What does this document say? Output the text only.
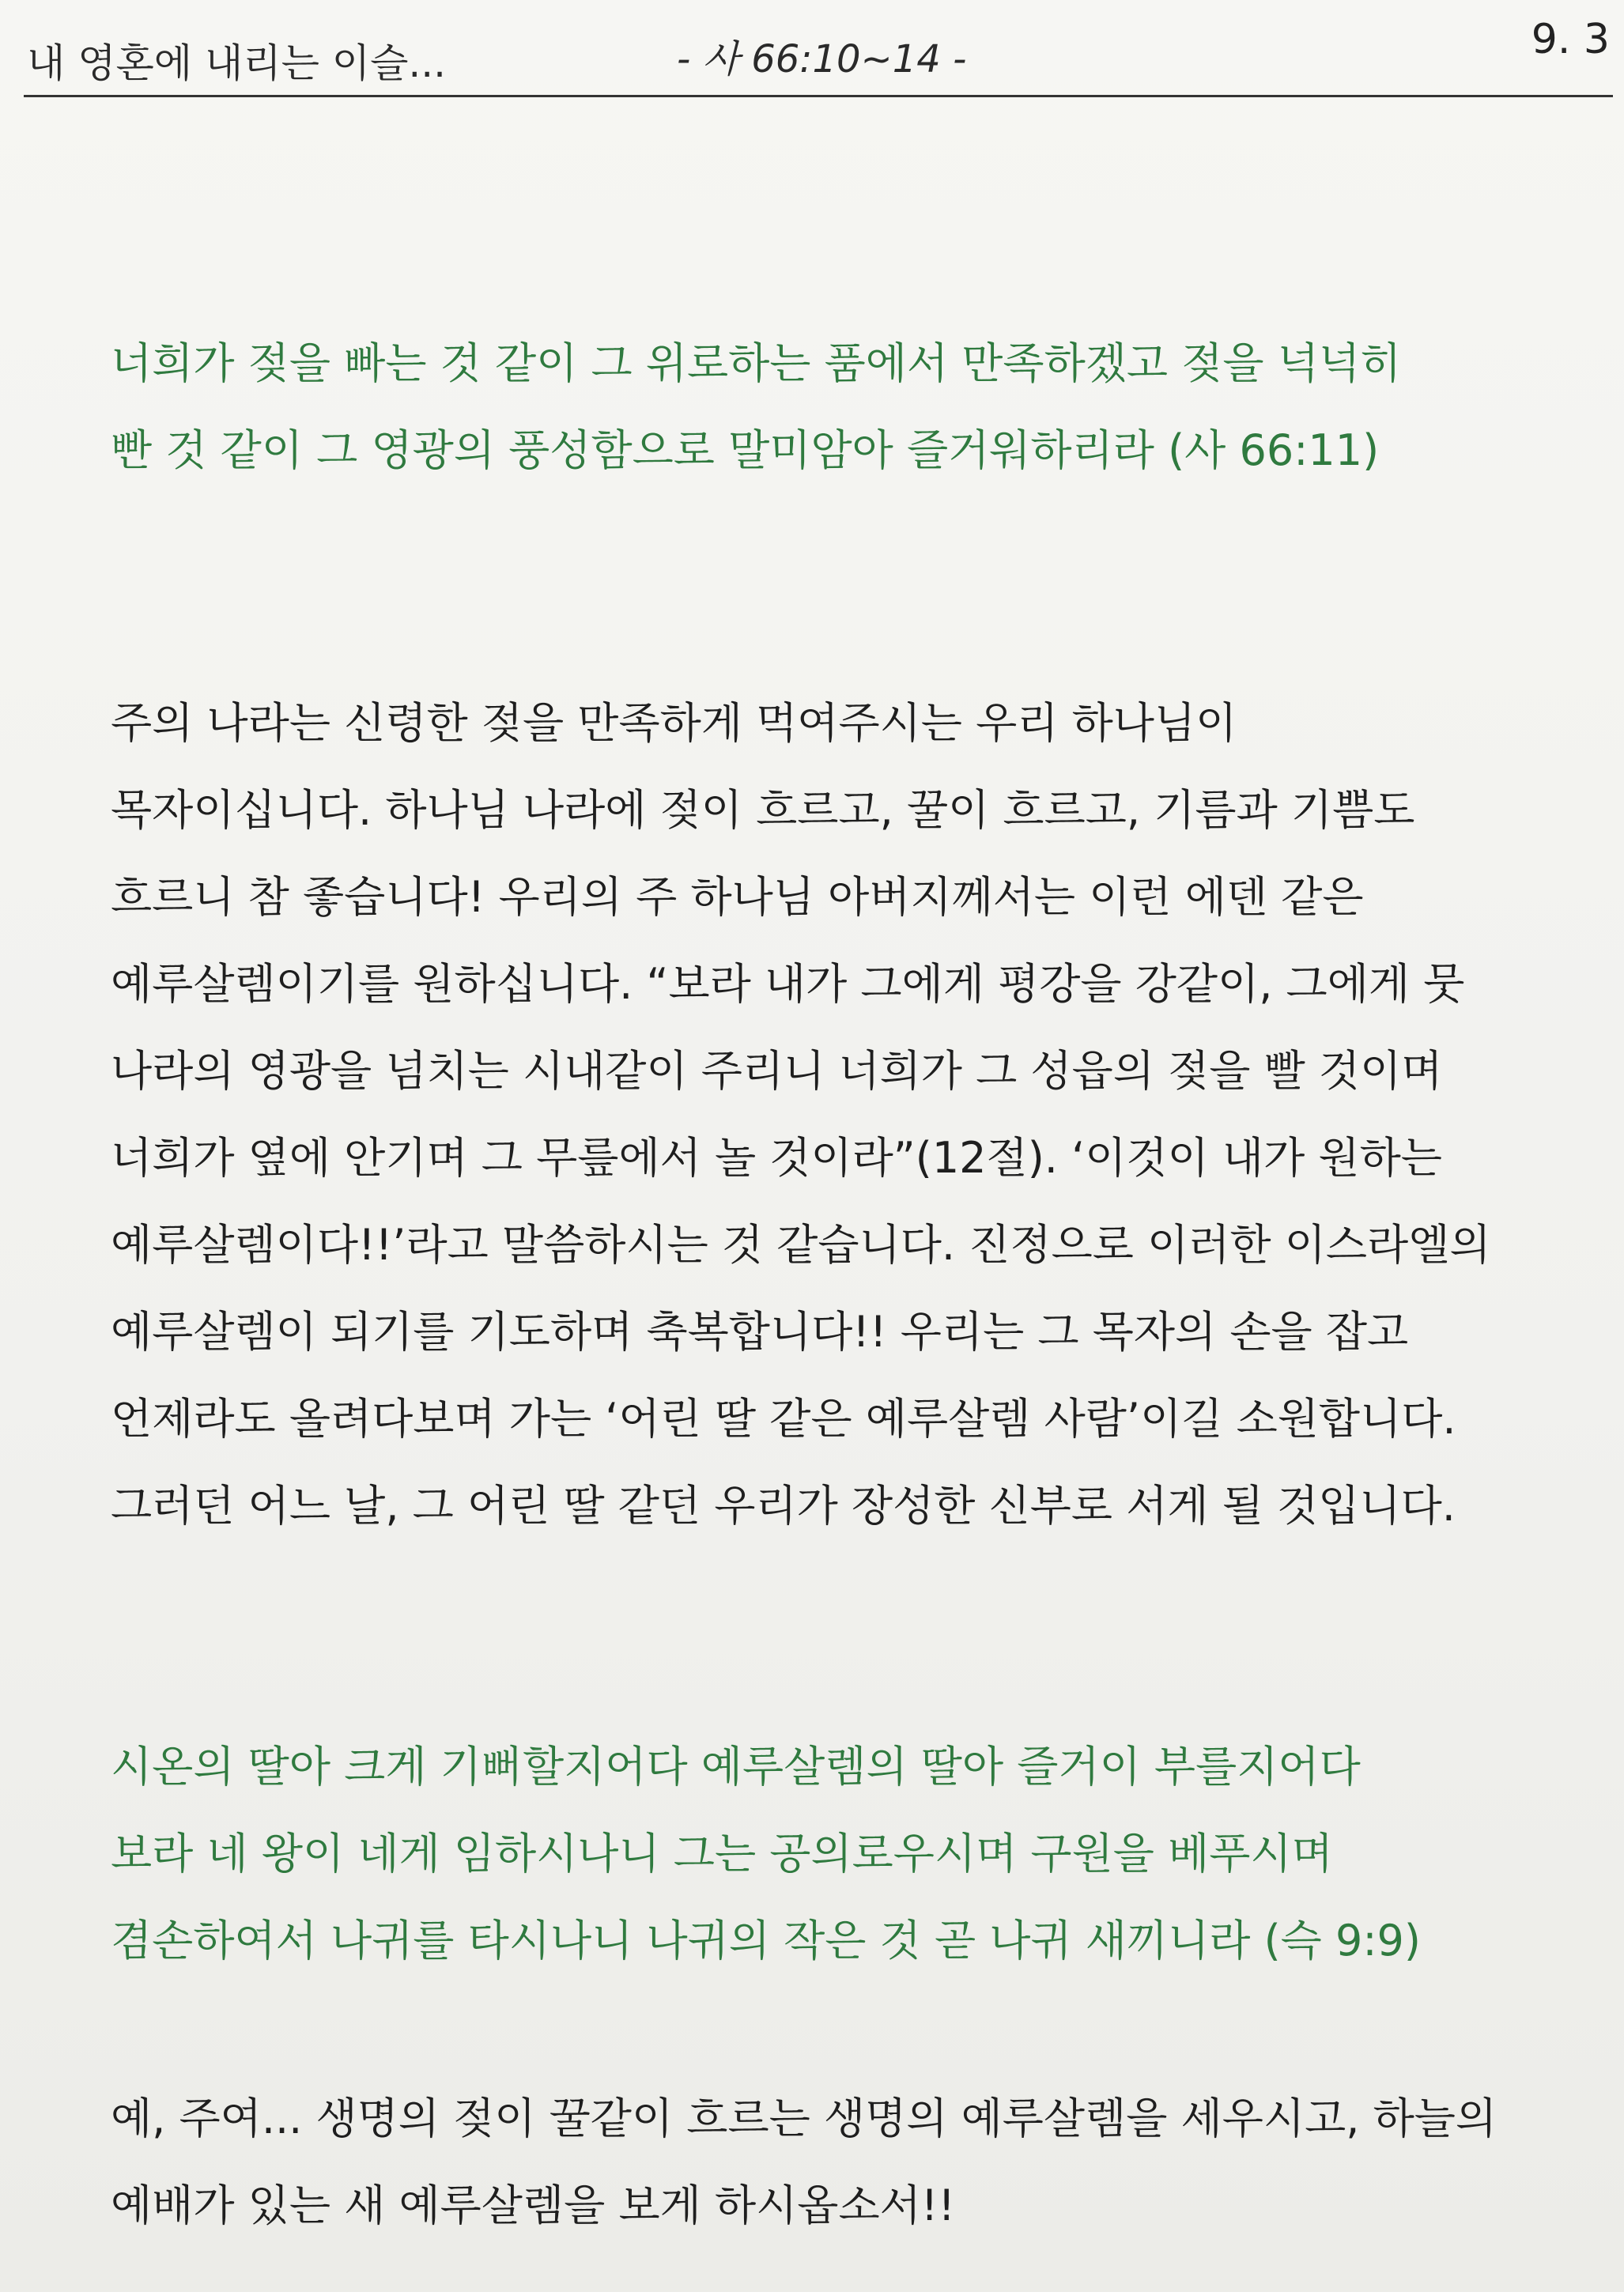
내 영혼에 내리는 이슬...	- 사 66:10~14 -	9. 3
너희가 젖을 빠는 것 같이 그 위로하는 품에서 만족하겠고 젖을 넉넉히
빤 것 같이 그 영광의 풍성함으로 말미암아 즐거워하리라 (사 66:11)
주의 나라는 신령한 젖을 만족하게 먹여주시는 우리 하나님이
목자이십니다. 하나님 나라에 젖이 흐르고, 꿀이 흐르고, 기름과 기쁨도
흐르니 참 좋습니다! 우리의 주 하나님 아버지께서는 이런 에덴 같은
예루살렘이기를 원하십니다. “보라 내가 그에게 평강을 강같이, 그에게 뭇
나라의 영광을 넘치는 시내같이 주리니 너희가 그 성읍의 젖을 빨 것이며
너희가 옆에 안기며 그 무릎에서 놀 것이라”(12절). ‘이것이 내가 원하는
예루살렘이다!!’라고 말씀하시는 것 같습니다. 진정으로 이러한 이스라엘의
예루살렘이 되기를 기도하며 축복합니다!! 우리는 그 목자의 손을 잡고
언제라도 올려다보며 가는 ‘어린 딸 같은 예루살렘 사람’이길 소원합니다.
그러던 어느 날, 그 어린 딸 같던 우리가 장성한 신부로 서게 될 것입니다.
시온의 딸아 크게 기뻐할지어다 예루살렘의 딸아 즐거이 부를지어다
보라 네 왕이 네게 임하시나니 그는 공의로우시며 구원을 베푸시며
겸손하여서 나귀를 타시나니 나귀의 작은 것 곧 나귀 새끼니라 (슥 9:9)
예, 주여... 생명의 젖이 꿀같이 흐르는 생명의 예루살렘을 세우시고, 하늘의
예배가 있는 새 예루살렘을 보게 하시옵소서!!
